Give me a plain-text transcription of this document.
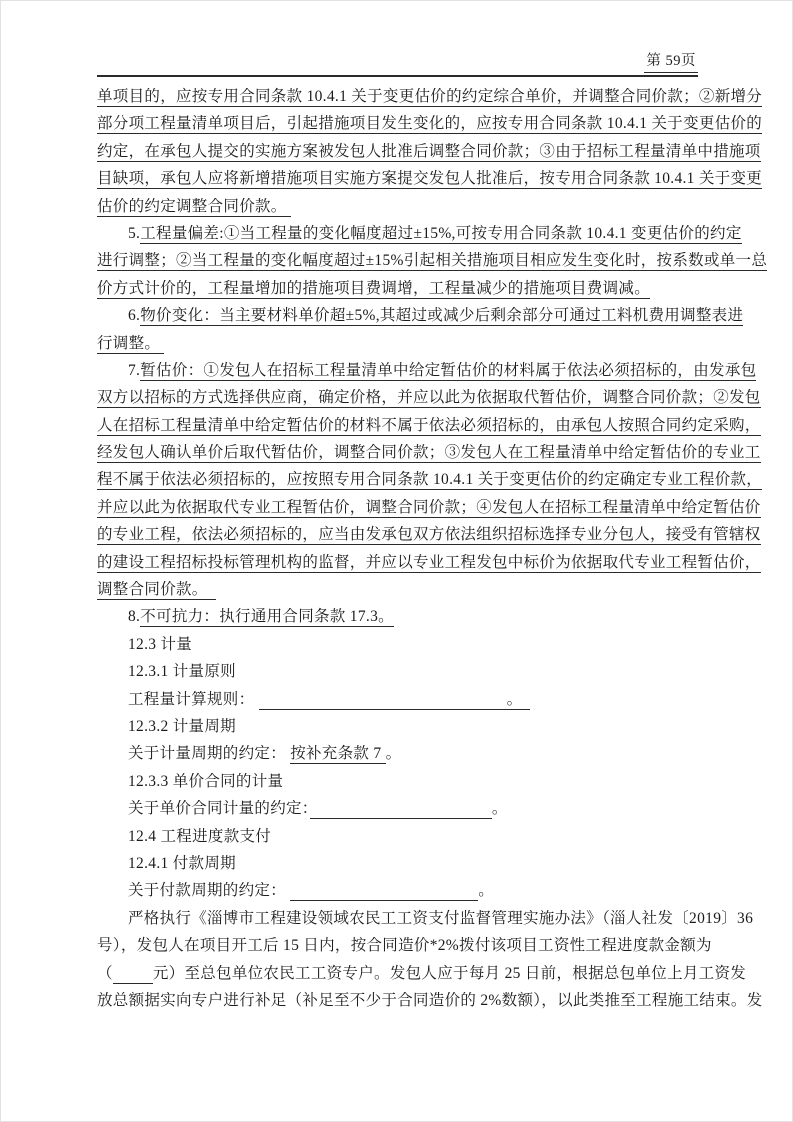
第 59页
单项目的，应按专用合同条款 10.4.1 关于变更估价的约定综合单价，并调整合同价款；②新增分
部分项工程量清单项目后，引起措施项目发生变化的，应按专用合同条款 10.4.1 关于变更估价的
约定，在承包人提交的实施方案被发包人批准后调整合同价款；③由于招标工程量清单中措施项
目缺项，承包人应将新增措施项目实施方案提交发包人批准后，按专用合同条款 10.4.1 关于变更
估价的约定调整合同价款。
5.工程量偏差:①当工程量的变化幅度超过±15%,可按专用合同条款 10.4.1 变更估价的约定
进行调整；②当工程量的变化幅度超过±15%引起相关措施项目相应发生变化时，按系数或单一总
价方式计价的，工程量增加的措施项目费调增，工程量减少的措施项目费调减。
6.物价变化：当主要材料单价超±5%,其超过或减少后剩余部分可通过工料机费用调整表进
行调整。
7.暂估价：①发包人在招标工程量清单中给定暂估价的材料属于依法必须招标的，由发承包
双方以招标的方式选择供应商，确定价格，并应以此为依据取代暂估价，调整合同价款；②发包
人在招标工程量清单中给定暂估价的材料不属于依法必须招标的，由承包人按照合同约定采购，
经发包人确认单价后取代暂估价，调整合同价款；③发包人在工程量清单中给定暂估价的专业工
程不属于依法必须招标的，应按照专用合同条款 10.4.1 关于变更估价的约定确定专业工程价款，
并应以此为依据取代专业工程暂估价，调整合同价款；④发包人在招标工程量清单中给定暂估价
的专业工程，依法必须招标的，应当由发承包双方依法组织招标选择专业分包人，接受有管辖权
的建设工程招标投标管理机构的监督，并应以专业工程发包中标价为依据取代专业工程暂估价，
调整合同价款。
8.不可抗力：执行通用合同条款 17.3。
12.3 计量
12.3.1 计量原则
工程量计算规则：	。
12.3.2 计量周期
关于计量周期的约定： 按补充条款 7 。
12.3.3 单价合同的计量
关于单价合同计量的约定：	。
12.4 工程进度款支付
12.4.1 付款周期
关于付款周期的约定：	。
严格执行《淄博市工程建设领域农民工工资支付监督管理实施办法》（淄人社发〔2019〕36
号），发包人在项目开工后 15 日内，按合同造价*2%拨付该项目工资性工程进度款金额为
（	元）至总包单位农民工工资专户。发包人应于每月 25 日前，根据总包单位上月工资发
放总额据实向专户进行补足（补足至不少于合同造价的 2%数额），以此类推至工程施工结束。发
